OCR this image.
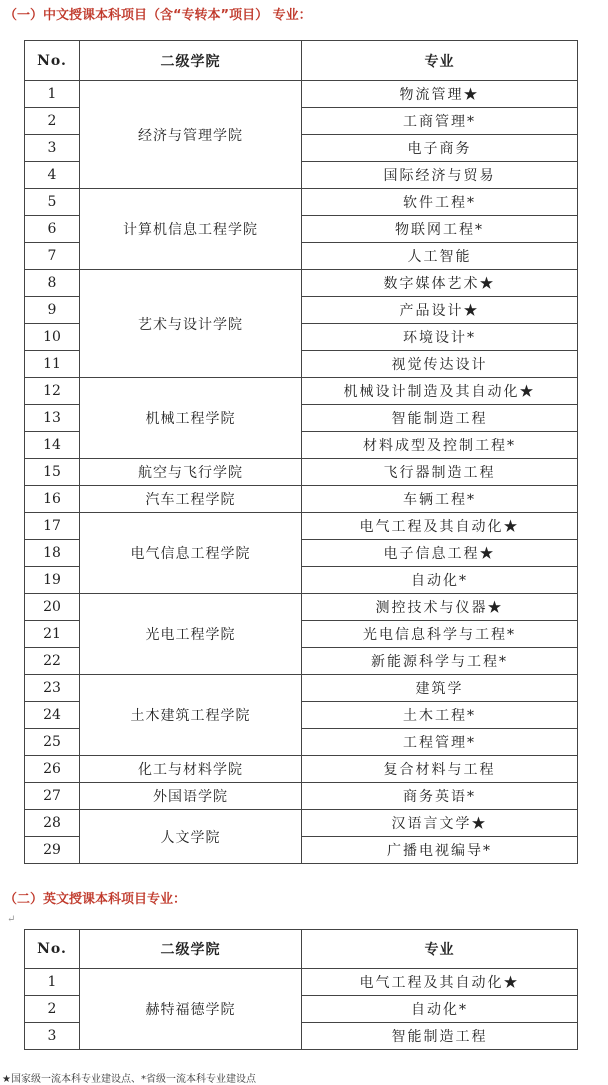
（一）中文授课本科项目（含“专转本”项目） 专业：
No.	二级学院	专业
1	经济与管理学院	物流管理★
2		工商管理*
3		电子商务
4		国际经济与贸易
5	计算机信息工程学院	软件工程*
6		物联网工程*
7		人工智能
8	艺术与设计学院	数字媒体艺术★
9		产品设计★
10		环境设计*
11		视觉传达设计
12	机械工程学院	机械设计制造及其自动化★
13		智能制造工程
14		材料成型及控制工程*
15	航空与飞行学院	飞行器制造工程
16	汽车工程学院	车辆工程*
17	电气信息工程学院	电气工程及其自动化★
18		电子信息工程★
19		自动化*
20	光电工程学院	测控技术与仪器★
21		光电信息科学与工程*
22		新能源科学与工程*
23	土木建筑工程学院	建筑学
24		土木工程*
25		工程管理*
26	化工与材料学院	复合材料与工程
27	外国语学院	商务英语*
28	人文学院	汉语言文学★
29		广播电视编导*
↵
（二）英文授课本科项目专业：
No.	二级学院	专业
1	赫特福德学院	电气工程及其自动化★
2		自动化*
3		智能制造工程
★国家级一流本科专业建设点、*省级一流本科专业建设点
